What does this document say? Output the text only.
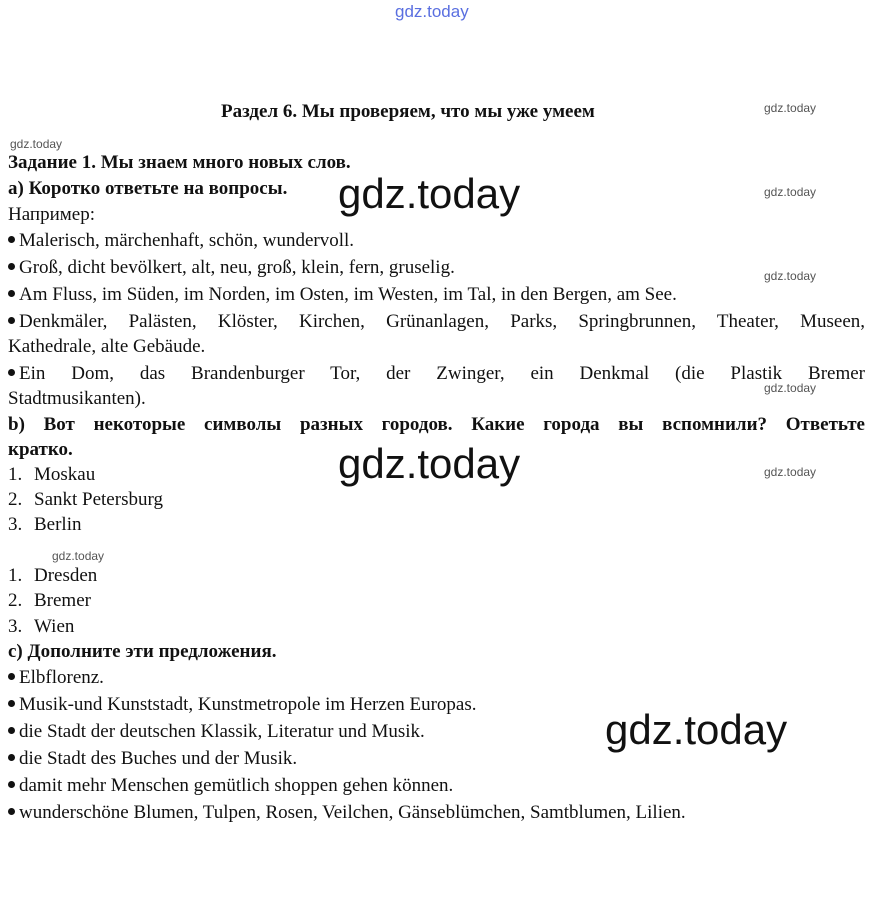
gdz.today
gdz.today
gdz.today
gdz.today
gdz.today
gdz.today
gdz.today
gdz.today
Раздел 6. Мы проверяем, что мы уже умеем
Задание 1. Мы знаем много новых слов.
а) Коротко ответьте на вопросы.
Например:
Malerisch, märchenhaft, schön, wundervoll.
Groß, dicht bevölkert, alt, neu, groß, klein, fern, gruselig.
Am Fluss, im Süden, im Norden, im Osten, im Westen, im Tal, in den Bergen, am See.
Denkmäler, Palästen, Klöster, Kirchen, Grünanlagen, Parks, Springbrunnen, Theater, Museen,
Kathedrale, alte Gebäude.
Ein Dom, das Brandenburger Tor, der Zwinger, ein Denkmal (die Plastik Bremer
Stadtmusikanten).
b) Вот некоторые символы разных городов. Какие города вы вспомнили? Ответьте
кратко.
1. Moskau
2. Sankt Petersburg
3. Berlin
1. Dresden
2. Bremer
3. Wien
с) Дополните эти предложения.
Elbflorenz.
Musik-und Kunststadt, Kunstmetropole im Herzen Europas.
die Stadt der deutschen Klassik, Literatur und Musik.
die Stadt des Buches und der Musik.
damit mehr Menschen gemütlich shoppen gehen können.
wunderschöne Blumen, Tulpen, Rosen, Veilchen, Gänseblümchen, Samtblumen, Lilien.
gdz.today
gdz.today
gdz.today
